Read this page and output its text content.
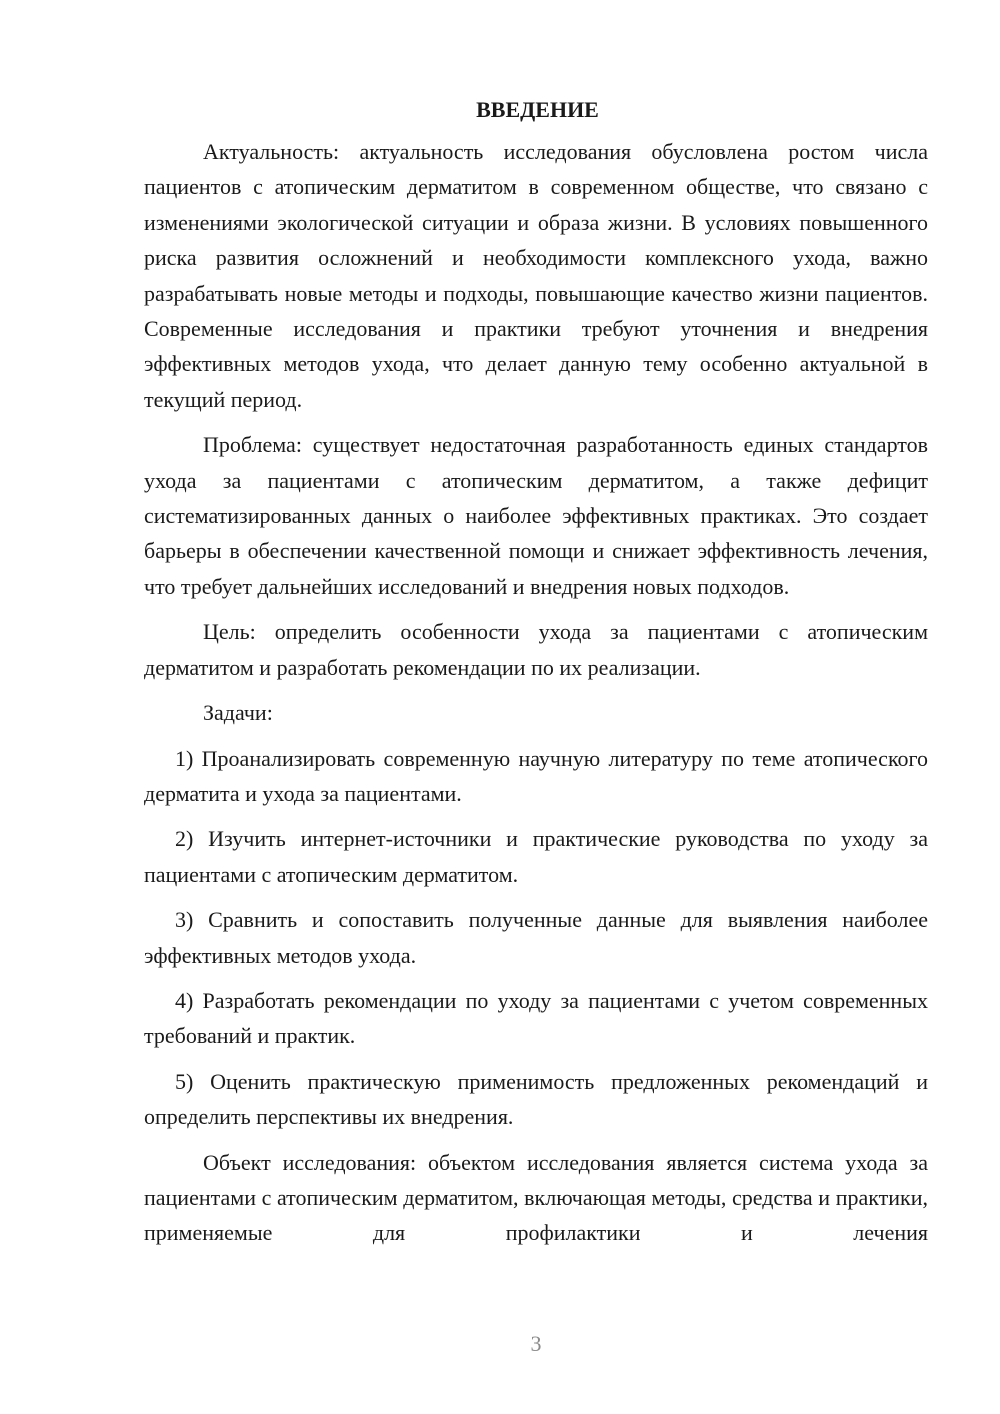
ВВЕДЕНИЕ

Актуальность: актуальность исследования обусловлена ростом числа пациентов с атопическим дерматитом в современном обществе, что связано с изменениями экологической ситуации и образа жизни. В условиях повышенного риска развития осложнений и необходимости комплексного ухода, важно разрабатывать новые методы и подходы, повышающие качество жизни пациентов. Современные исследования и практики требуют уточнения и внедрения эффективных методов ухода, что делает данную тему особенно актуальной в текущий период.

Проблема: существует недостаточная разработанность единых стандартов ухода за пациентами с атопическим дерматитом, а также дефицит систематизированных данных о наиболее эффективных практиках. Это создает барьеры в обеспечении качественной помощи и снижает эффективность лечения, что требует дальнейших исследований и внедрения новых подходов.

Цель: определить особенности ухода за пациентами с атопическим дерматитом и разработать рекомендации по их реализации.

Задачи:

1) Проанализировать современную научную литературу по теме атопического дерматита и ухода за пациентами.

2) Изучить интернет-источники и практические руководства по уходу за пациентами с атопическим дерматитом.

3) Сравнить и сопоставить полученные данные для выявления наиболее эффективных методов ухода.

4) Разработать рекомендации по уходу за пациентами с учетом современных требований и практик.

5) Оценить практическую применимость предложенных рекомендаций и определить перспективы их внедрения.

Объект исследования: объектом исследования является система ухода за пациентами с атопическим дерматитом, включающая методы, средства и практики, применяемые для профилактики и лечения

3
